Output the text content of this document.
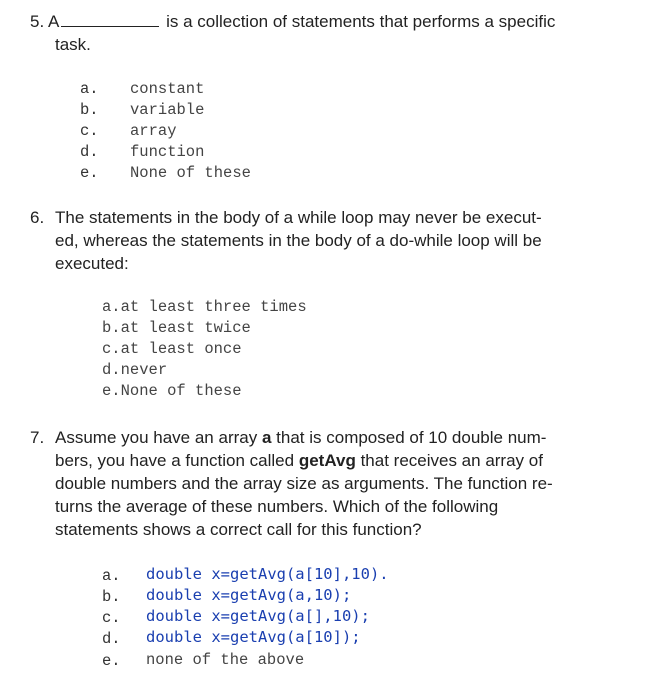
5. A	is a collection of statements that performs a specific
task.
a. constant
b. variable
c. array
d. function
e. None of these
6. The statements in the body of a while loop may never be execut-
ed, whereas the statements in the body of a do-while loop will be
executed:
a.at least three times
b.at least twice
c.at least once
d.never
e.None of these
7. Assume you have an array a that is composed of 10 double num-
bers, you have a function called getAvg that receives an array of
double numbers and the array size as arguments. The function re-
turns the average of these numbers. Which of the following
statements shows a correct call for this function?
a. double x=getAvg(a[10],10).
b. double x=getAvg(a,10);
c. double x=getAvg(a[],10);
d. double x=getAvg(a[10]);
e. none of the above
